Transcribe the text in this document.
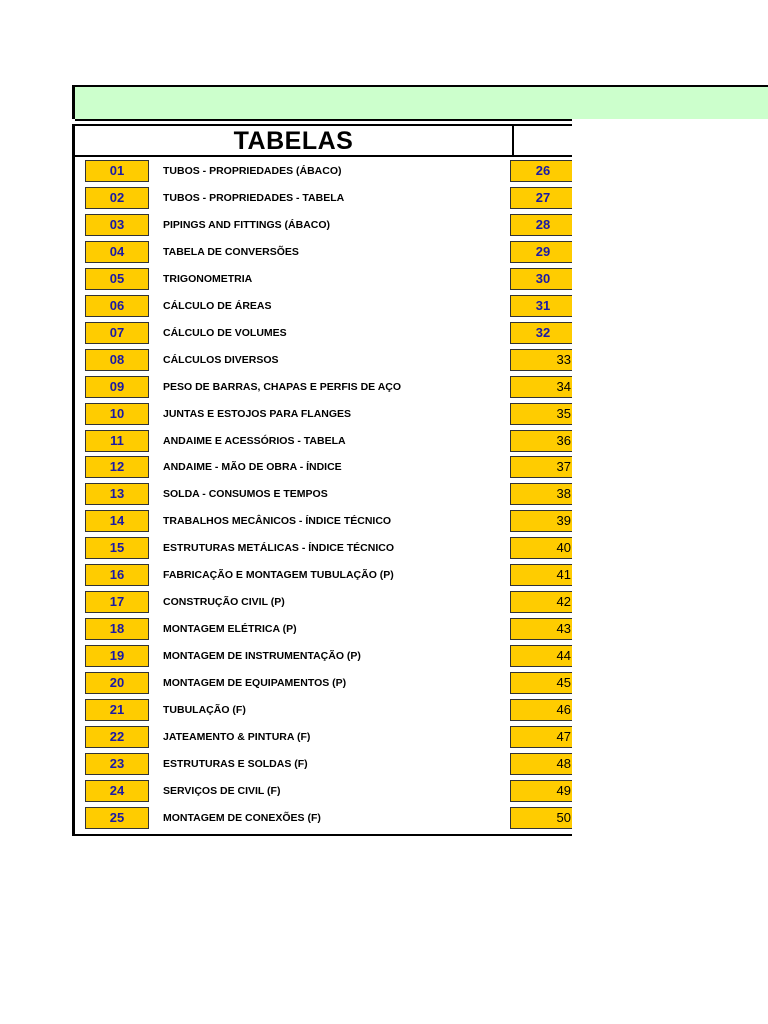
TABELAS
01	TUBOS - PROPRIEDADES (ÁBACO)	26
02	TUBOS - PROPRIEDADES - TABELA	27
03	PIPINGS AND FITTINGS (ÁBACO)	28
04	TABELA DE CONVERSÕES	29
05	TRIGONOMETRIA	30
06	CÁLCULO DE ÁREAS	31
07	CÁLCULO DE VOLUMES	32
08	CÁLCULOS DIVERSOS	33
09	PESO DE BARRAS, CHAPAS E PERFIS DE AÇO	34
10	JUNTAS E ESTOJOS PARA FLANGES	35
11	ANDAIME E ACESSÓRIOS - TABELA	36
12	ANDAIME - MÃO DE OBRA - ÍNDICE	37
13	SOLDA - CONSUMOS E TEMPOS	38
14	TRABALHOS MECÂNICOS - ÍNDICE TÉCNICO	39
15	ESTRUTURAS METÁLICAS - ÍNDICE TÉCNICO	40
16	FABRICAÇÃO E MONTAGEM TUBULAÇÃO (P)	41
17	CONSTRUÇÃO CIVIL (P)	42
18	MONTAGEM ELÉTRICA (P)	43
19	MONTAGEM DE INSTRUMENTAÇÃO (P)	44
20	MONTAGEM DE EQUIPAMENTOS (P)	45
21	TUBULAÇÃO (F)	46
22	JATEAMENTO & PINTURA (F)	47
23	ESTRUTURAS E SOLDAS (F)	48
24	SERVIÇOS DE CIVIL (F)	49
25	MONTAGEM DE CONEXÕES (F)	50
